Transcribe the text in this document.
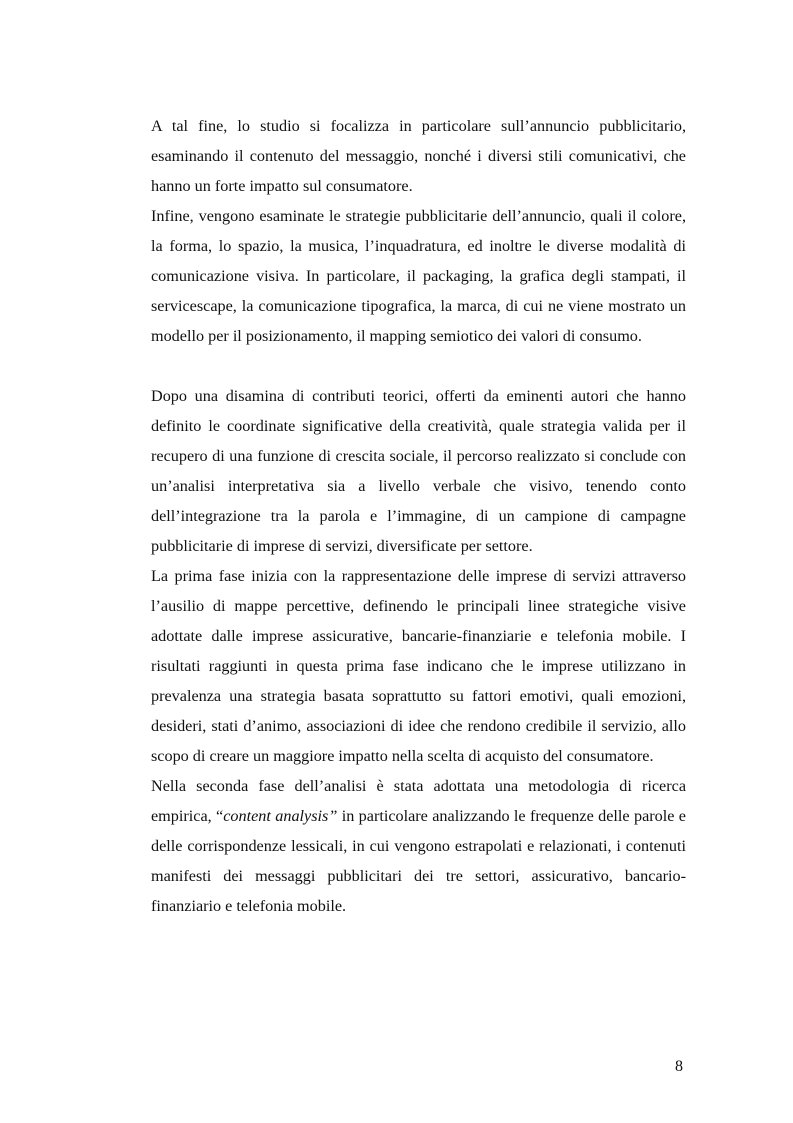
A tal fine, lo studio si focalizza in particolare sull’annuncio pubblicitario, esaminando il contenuto del messaggio, nonché i diversi stili comunicativi, che hanno un forte impatto sul consumatore.

Infine, vengono esaminate le strategie pubblicitarie dell’annuncio, quali il colore, la forma, lo spazio, la musica, l’inquadratura, ed inoltre le diverse modalità di comunicazione visiva. In particolare, il packaging, la grafica degli stampati, il servicescape, la comunicazione tipografica, la marca, di cui ne viene mostrato un modello per il posizionamento, il mapping semiotico dei valori di consumo.

Dopo una disamina di contributi teorici, offerti da eminenti autori che hanno definito le coordinate significative della creatività, quale strategia valida per il recupero di una funzione di crescita sociale, il percorso realizzato si conclude con un’analisi interpretativa sia a livello verbale che visivo, tenendo conto dell’integrazione tra la parola e l’immagine, di un campione di campagne pubblicitarie di imprese di servizi, diversificate per settore.

La prima fase inizia con la rappresentazione delle imprese di servizi attraverso l’ausilio di mappe percettive, definendo le principali linee strategiche visive adottate dalle imprese assicurative, bancarie-finanziarie e telefonia mobile. I risultati raggiunti in questa prima fase indicano che le imprese utilizzano in prevalenza una strategia basata soprattutto su fattori emotivi, quali emozioni, desideri, stati d’animo, associazioni di idee che rendono credibile il servizio, allo scopo di creare un maggiore impatto nella scelta di acquisto del consumatore.

Nella seconda fase dell’analisi è stata adottata una metodologia di ricerca empirica, “content analysis” in particolare analizzando le frequenze delle parole e delle corrispondenze lessicali, in cui vengono estrapolati e relazionati, i contenuti manifesti dei messaggi pubblicitari dei tre settori, assicurativo, bancario-finanziario e telefonia mobile.

8
